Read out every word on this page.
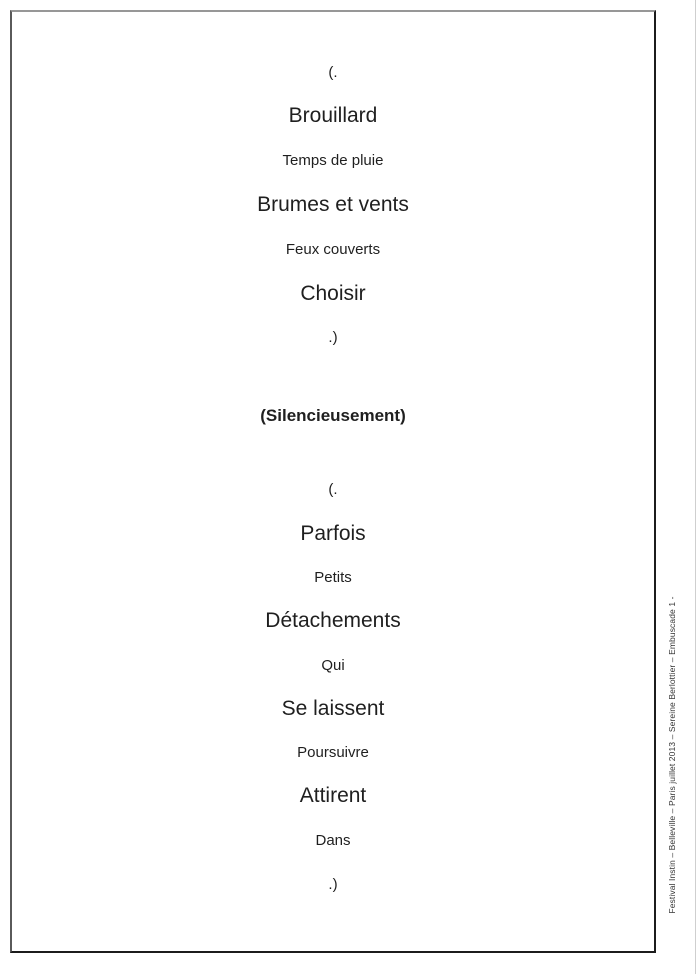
(.
Brouillard
Temps de pluie
Brumes et vents
Feux couverts
Choisir
.)
(Silencieusement)
(.
Parfois
Petits
Détachements
Qui
Se laissent
Poursuivre
Attirent
Dans
.)	Festival Instin – Belleville – Paris juillet 2013 – Sereine Berlottier – Embuscade 1 -
